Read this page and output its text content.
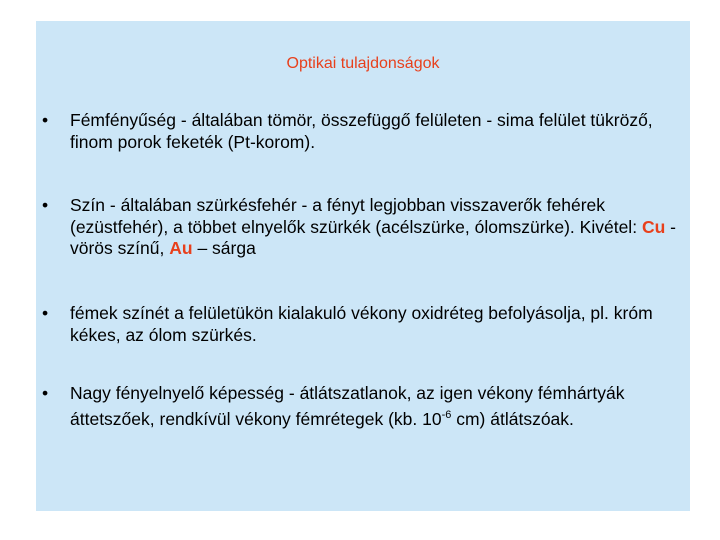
Optikai tulajdonságok
•	Fémfényűség - általában tömör, összefüggő felületen - sima felület tükröző, finom porok feketék (Pt-korom).
•	Szín - általában szürkésfehér - a fényt legjobban visszaverők fehérek (ezüstfehér), a többet elnyelők szürkék (acélszürke, ólomszürke). Kivétel: Cu - vörös színű, Au – sárga
•	fémek színét a felületükön kialakuló vékony oxidréteg befolyásolja, pl. króm kékes, az ólom szürkés.
•	Nagy fényelnyelő képesség - átlátszatlanok, az igen vékony fémhártyák áttetszőek, rendkívül vékony fémrétegek (kb. $10^{-6}$ cm) átlátszóak.
